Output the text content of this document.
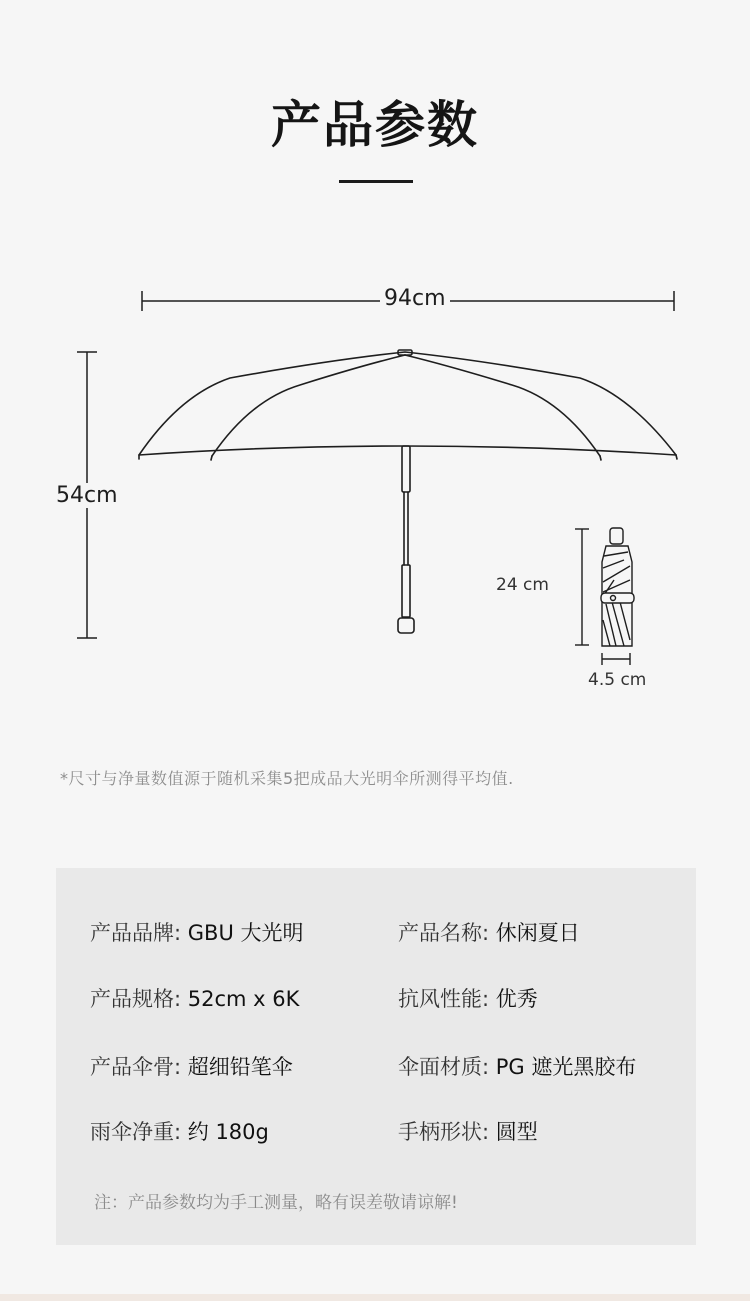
产品参数
94cm
54cm
24 cm
4.5 cm
*尺寸与净量数值源于随机采集5把成品大光明伞所测得平均值.
产品品牌: GBU 大光明	产品名称: 休闲夏日
产品规格: 52cm x 6K	抗风性能: 优秀
产品伞骨: 超细铅笔伞	伞面材质: PG 遮光黑胶布
雨伞净重: 约 180g	手柄形状: 圆型
注：产品参数均为手工测量，略有误差敬请谅解!
